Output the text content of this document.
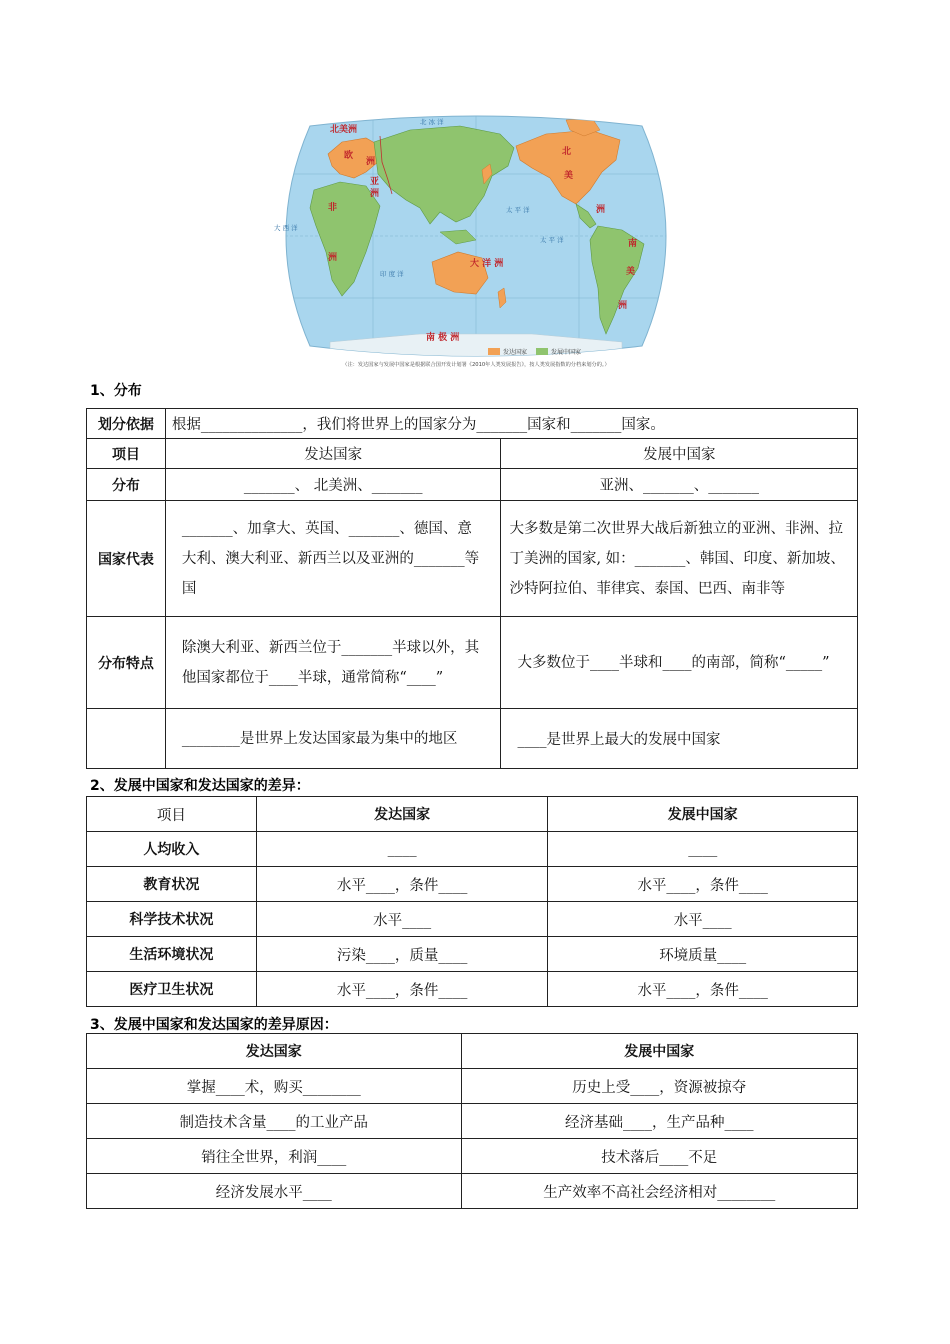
北美洲
欧
洲
亚
洲
非
洲
北
美
洲
南
美
洲
大 洋 洲
南 极 洲
北 冰 洋
太 平 洋
太 平 洋
大 西 洋
印 度 洋
发达国家	发展中国家
（注：发达国家与发展中国家是根据联合国开发计划署《2010年人类发展报告》，按人类发展指数的分档来划分的。）
1、分布
划分依据	根据______________，我们将世界上的国家分为_______国家和_______国家。	
项目	发达国家	发展中国家
分布	_______、 北美洲、_______	亚洲、_______、_______
国家代表	_______、加拿大、英国、_______、德国、意大利、澳大利亚、新西兰以及亚洲的_______等国	大多数是第二次世界大战后新独立的亚洲、非洲、拉丁美洲的国家, 如：_______、韩国、印度、新加坡、沙特阿拉伯、菲律宾、泰国、巴西、南非等
分布特点	除澳大利亚、新西兰位于_______半球以外，其他国家都位于____半球，通常简称“____”	大多数位于____半球和____的南部，简称“_____”
	________是世界上发达国家最为集中的地区	____是世界上最大的发展中国家
2、发展中国家和发达国家的差异：
项目	发达国家	发展中国家
人均收入	____	____
教育状况	水平____，条件____	水平____，条件____
科学技术状况	水平____	水平____
生活环境状况	污染____，质量____	环境质量____
医疗卫生状况	水平____，条件____	水平____，条件____
3、发展中国家和发达国家的差异原因：
发达国家	发展中国家
掌握____术，购买________	历史上受____，资源被掠夺
制造技术含量____的工业产品	经济基础____，生产品种____
销往全世界，利润____	技术落后____不足
经济发展水平____	生产效率不高社会经济相对________
